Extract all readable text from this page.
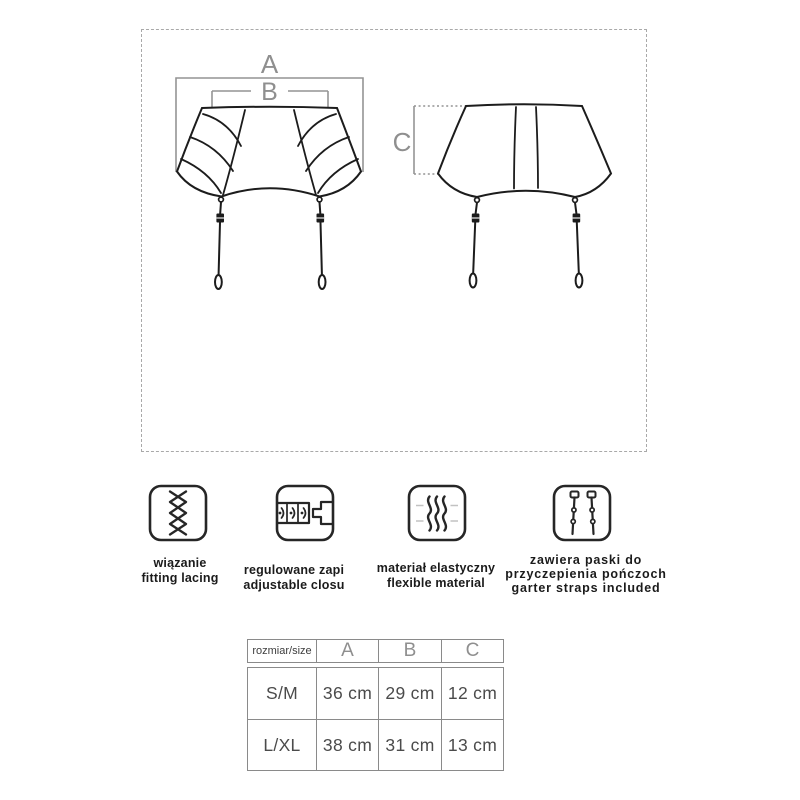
A
B
C
wiązanie
fitting lacing
regulowane zapi
adjustable closu
materiał elastyczny
flexible material
zawiera paski do
przyczepienia pończoch
garter straps included
rozmiar/size	A	B	C
S/M	36 cm 29 cm 12 cm
L/XL	38 cm 31 cm 13 cm
